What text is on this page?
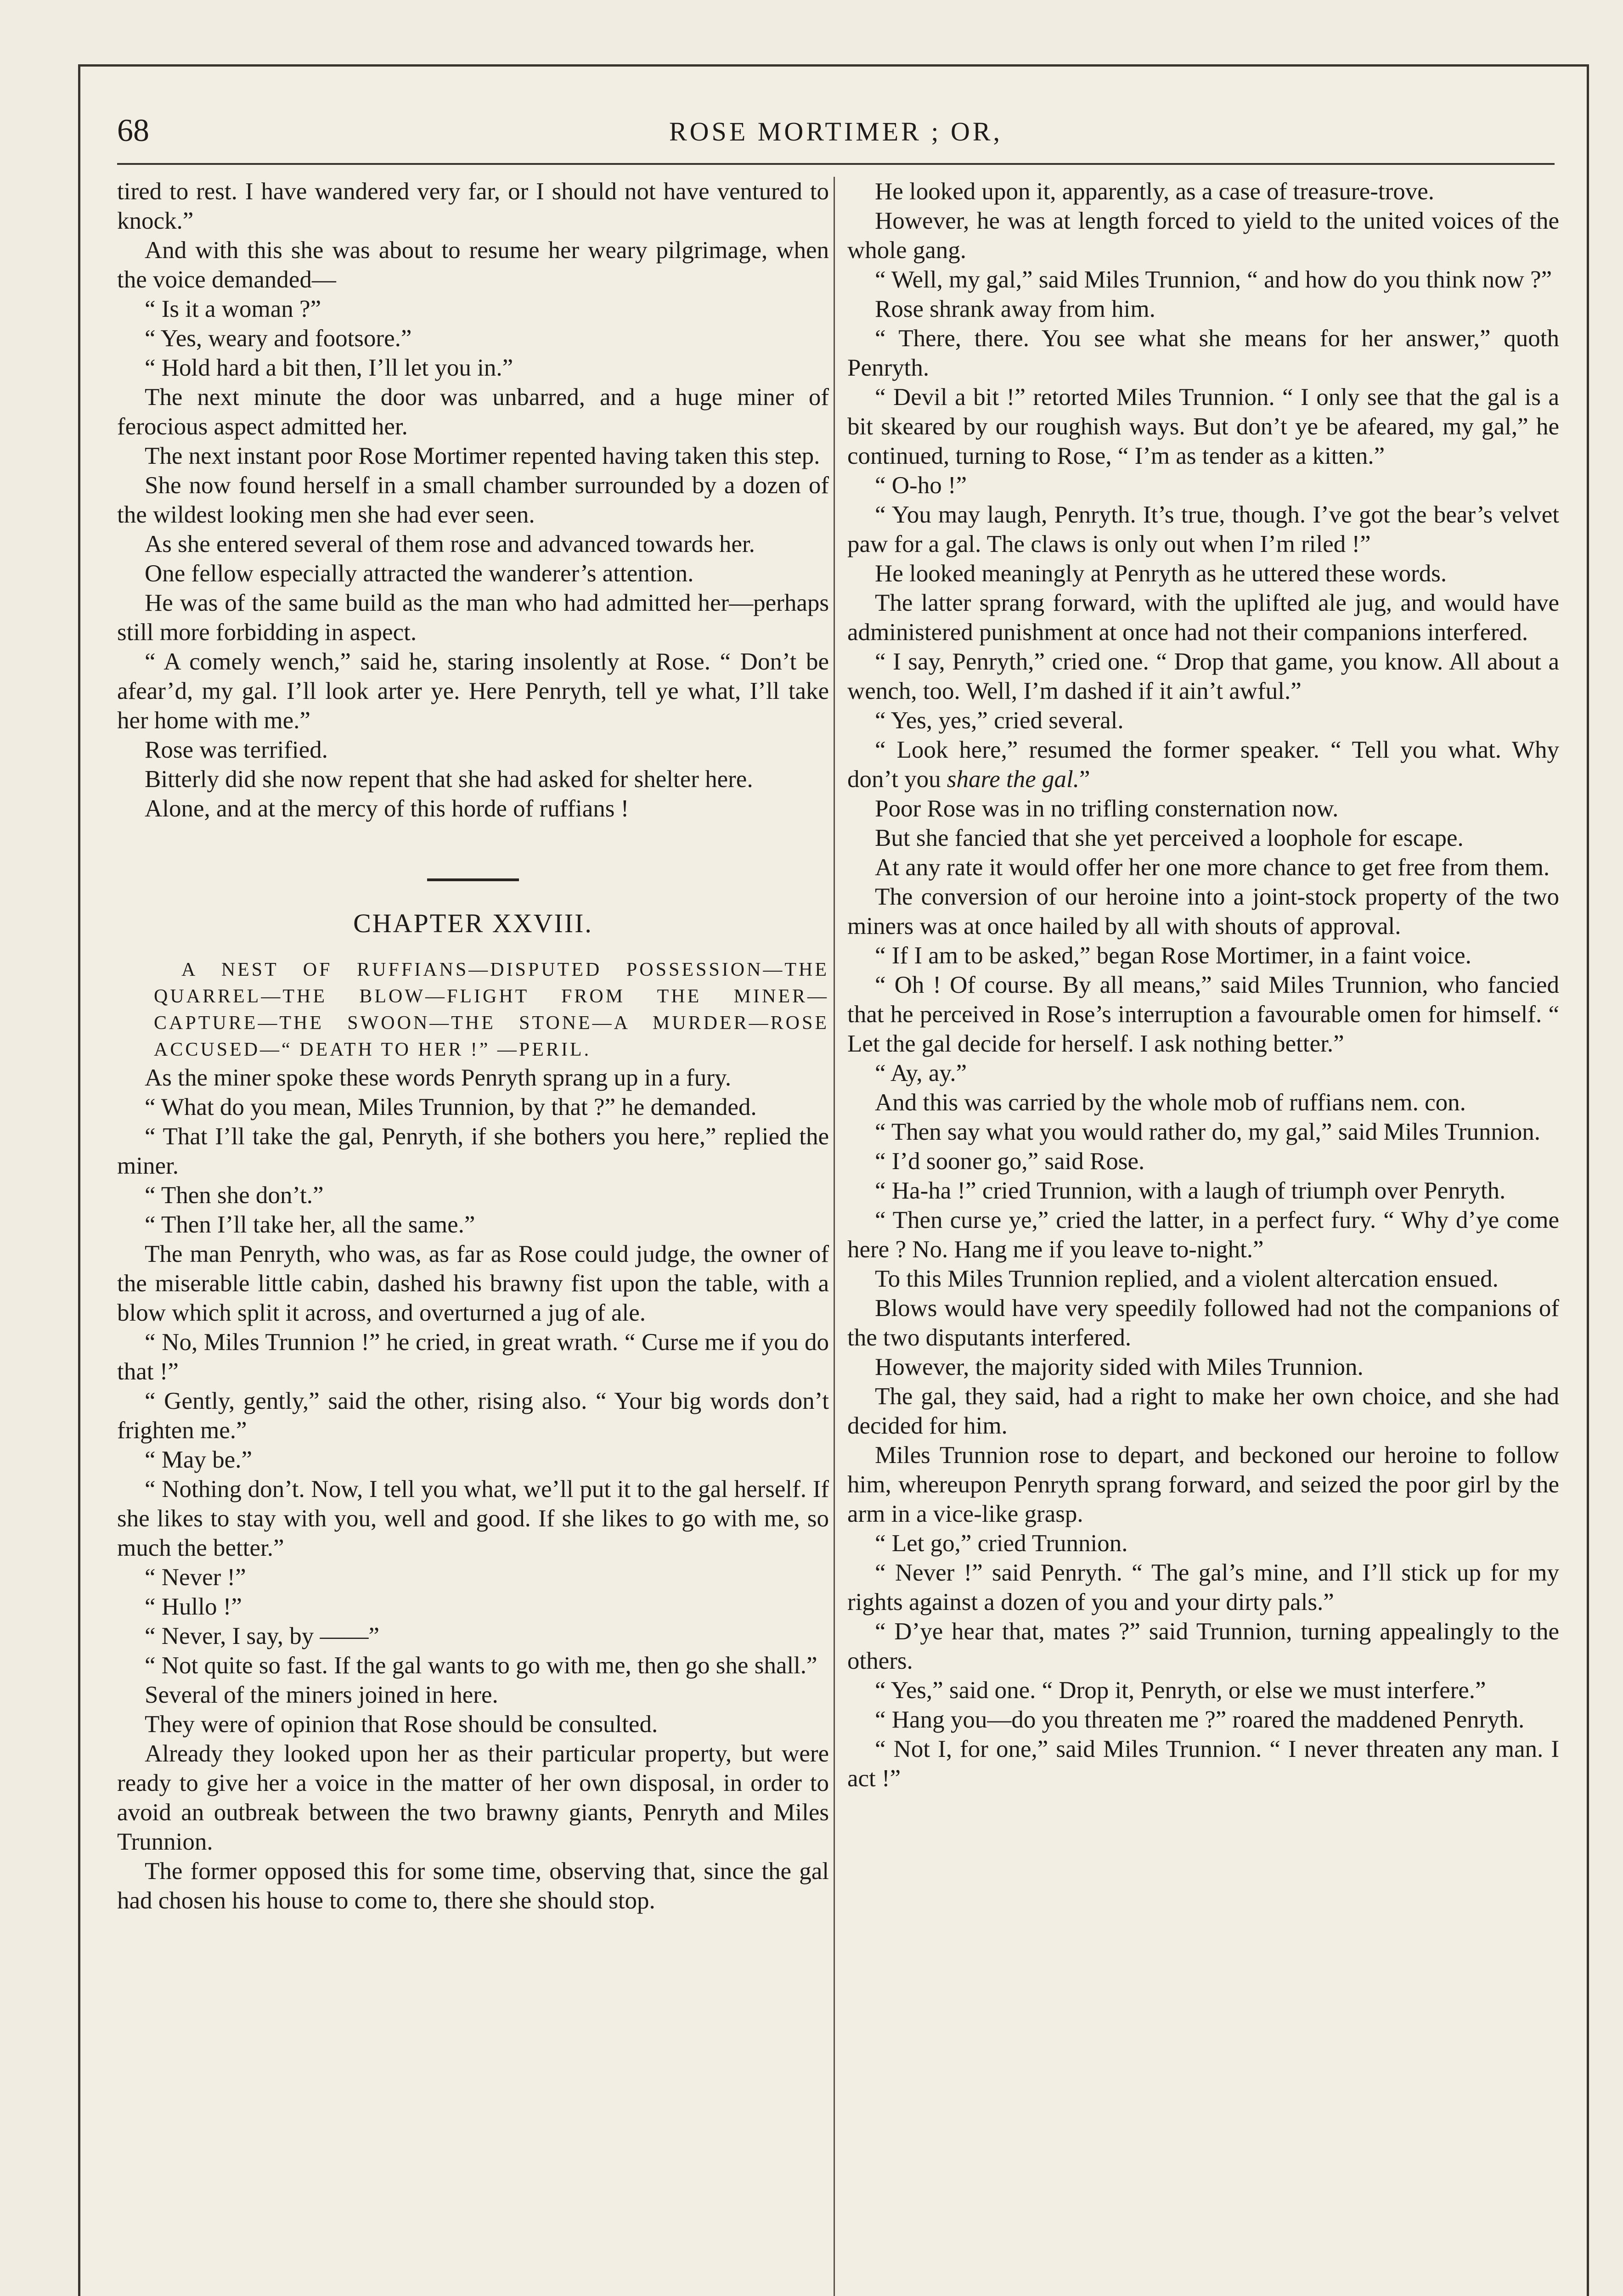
68	ROSE MORTIMER ; OR,

tired to rest. I have wandered very far, or I should not have ventured to knock.”

And with this she was about to resume her weary pilgrimage, when the voice demanded—

“ Is it a woman ?”

“ Yes, weary and footsore.”

“ Hold hard a bit then, I’ll let you in.”

The next minute the door was unbarred, and a huge miner of ferocious aspect admitted her.

The next instant poor Rose Mortimer repented having taken this step.

She now found herself in a small chamber surrounded by a dozen of the wildest looking men she had ever seen.

As she entered several of them rose and advanced towards her.

One fellow especially attracted the wanderer’s attention.

He was of the same build as the man who had admitted her—perhaps still more forbidding in aspect.

“ A comely wench,” said he, staring insolently at Rose. “ Don’t be afear’d, my gal. I’ll look arter ye. Here Penryth, tell ye what, I’ll take her home with me.”

Rose was terrified.

Bitterly did she now repent that she had asked for shelter here.

Alone, and at the mercy of this horde of ruffians !

CHAPTER XXVIII.

A NEST OF RUFFIANS—DISPUTED POSSESSION—THE QUARREL—THE BLOW—FLIGHT FROM THE MINER—CAPTURE—THE SWOON—THE STONE—A MURDER—ROSE ACCUSED—“ DEATH TO HER !” —PERIL.

As the miner spoke these words Penryth sprang up in a fury.

“ What do you mean, Miles Trunnion, by that ?” he demanded.

“ That I’ll take the gal, Penryth, if she bothers you here,” replied the miner.

“ Then she don’t.”

“ Then I’ll take her, all the same.”

The man Penryth, who was, as far as Rose could judge, the owner of the miserable little cabin, dashed his brawny fist upon the table, with a blow which split it across, and overturned a jug of ale.

“ No, Miles Trunnion !” he cried, in great wrath. “ Curse me if you do that !”

“ Gently, gently,” said the other, rising also. “ Your big words don’t frighten me.”

“ May be.”

“ Nothing don’t. Now, I tell you what, we’ll put it to the gal herself. If she likes to stay with you, well and good. If she likes to go with me, so much the better.”

“ Never !”

“ Hullo !”

“ Never, I say, by ——”

“ Not quite so fast. If the gal wants to go with me, then go she shall.”

Several of the miners joined in here.

They were of opinion that Rose should be consulted.

Already they looked upon her as their particular property, but were ready to give her a voice in the matter of her own disposal, in order to avoid an outbreak between the two brawny giants, Penryth and Miles Trunnion.

The former opposed this for some time, observing that, since the gal had chosen his house to come to, there she should stop.

He looked upon it, apparently, as a case of treasure-trove.

However, he was at length forced to yield to the united voices of the whole gang.

“ Well, my gal,” said Miles Trunnion, “ and how do you think now ?”

Rose shrank away from him.

“ There, there. You see what she means for her answer,” quoth Penryth.

“ Devil a bit !” retorted Miles Trunnion. “ I only see that the gal is a bit skeared by our roughish ways. But don’t ye be afeared, my gal,” he continued, turning to Rose, “ I’m as tender as a kitten.”

“ O-ho !”

“ You may laugh, Penryth. It’s true, though. I’ve got the bear’s velvet paw for a gal. The claws is only out when I’m riled !”

He looked meaningly at Penryth as he uttered these words.

The latter sprang forward, with the uplifted ale jug, and would have administered punishment at once had not their companions interfered.

“ I say, Penryth,” cried one. “ Drop that game, you know. All about a wench, too. Well, I’m dashed if it ain’t awful.”

“ Yes, yes,” cried several.

“ Look here,” resumed the former speaker. “ Tell you what. Why don’t you share the gal.”

Poor Rose was in no trifling consternation now.

But she fancied that she yet perceived a loophole for escape.

At any rate it would offer her one more chance to get free from them.

The conversion of our heroine into a joint-stock property of the two miners was at once hailed by all with shouts of approval.

“ If I am to be asked,” began Rose Mortimer, in a faint voice.

“ Oh ! Of course. By all means,” said Miles Trunnion, who fancied that he perceived in Rose’s interruption a favourable omen for himself. “ Let the gal decide for herself. I ask nothing better.”

“ Ay, ay.”

And this was carried by the whole mob of ruffians nem. con.

“ Then say what you would rather do, my gal,” said Miles Trunnion.

“ I’d sooner go,” said Rose.

“ Ha-ha !” cried Trunnion, with a laugh of triumph over Penryth.

“ Then curse ye,” cried the latter, in a perfect fury. “ Why d’ye come here ? No. Hang me if you leave to-night.”

To this Miles Trunnion replied, and a violent altercation ensued.

Blows would have very speedily followed had not the companions of the two disputants interfered.

However, the majority sided with Miles Trunnion.

The gal, they said, had a right to make her own choice, and she had decided for him.

Miles Trunnion rose to depart, and beckoned our heroine to follow him, whereupon Penryth sprang forward, and seized the poor girl by the arm in a vice-like grasp.

“ Let go,” cried Trunnion.

“ Never !” said Penryth. “ The gal’s mine, and I’ll stick up for my rights against a dozen of you and your dirty pals.”

“ D’ye hear that, mates ?” said Trunnion, turning appealingly to the others.

“ Yes,” said one. “ Drop it, Penryth, or else we must interfere.”

“ Hang you—do you threaten me ?” roared the maddened Penryth.

“ Not I, for one,” said Miles Trunnion. “ I never threaten any man. I act !”
